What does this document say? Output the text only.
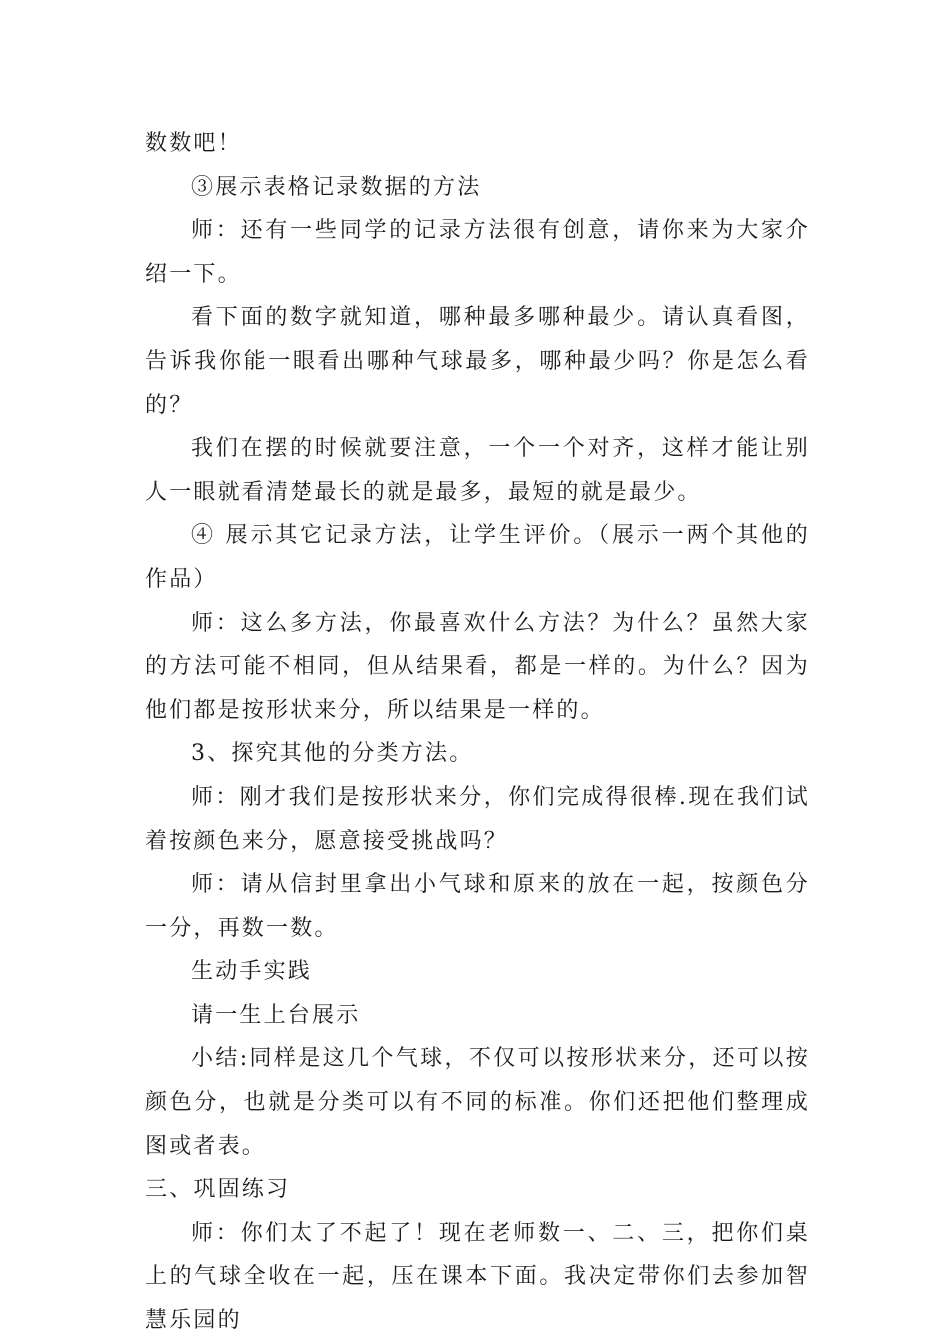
数数吧！

③展示表格记录数据的方法

师：还有一些同学的记录方法很有创意，请你来为大家介绍一下。

看下面的数字就知道，哪种最多哪种最少。请认真看图，告诉我你能一眼看出哪种气球最多，哪种最少吗？你是怎么看的？

我们在摆的时候就要注意，一个一个对齐，这样才能让别人一眼就看清楚最长的就是最多，最短的就是最少。

④ 展示其它记录方法，让学生评价。（展示一两个其他的作品）

师：这么多方法，你最喜欢什么方法？为什么？虽然大家的方法可能不相同，但从结果看，都是一样的。为什么？因为他们都是按形状来分，所以结果是一样的。

3、探究其他的分类方法。

师：刚才我们是按形状来分，你们完成得很棒.现在我们试着按颜色来分，愿意接受挑战吗？

师：请从信封里拿出小气球和原来的放在一起，按颜色分一分，再数一数。

生动手实践

请一生上台展示

小结:同样是这几个气球，不仅可以按形状来分，还可以按颜色分，也就是分类可以有不同的标准。你们还把他们整理成图或者表。

三、巩固练习

师：你们太了不起了！现在老师数一、二、三，把你们桌上的气球全收在一起，压在课本下面。我决定带你们去参加智慧乐园的
